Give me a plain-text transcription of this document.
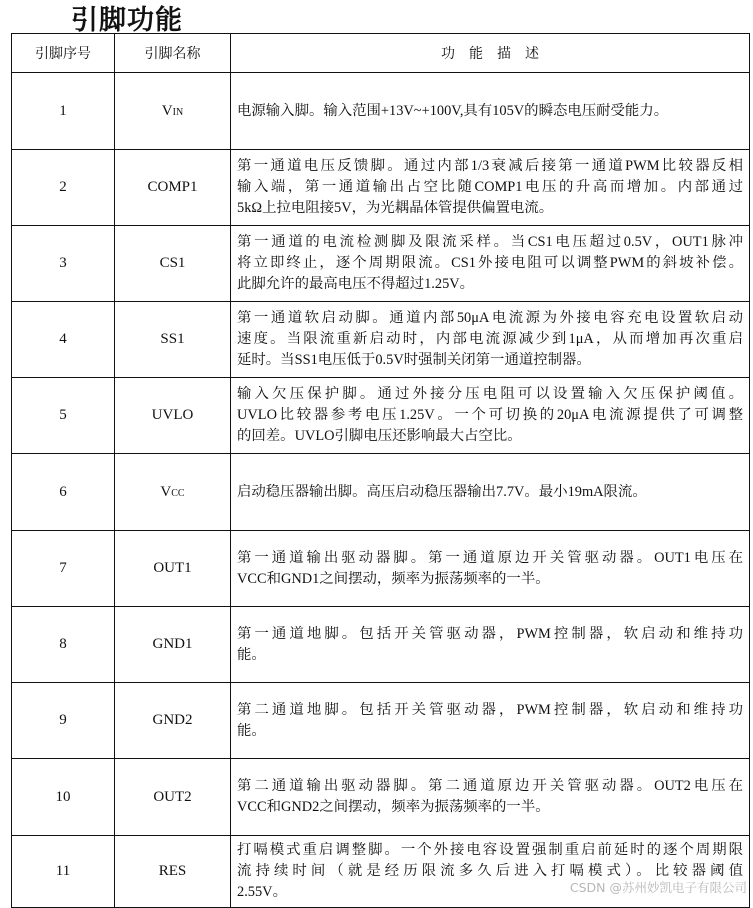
引脚功能
引脚序号	引脚名称	功　能　描　述
1	VIN	电源输入脚。输入范围+13V~+100V,具有105V的瞬态电压耐受能力。

2	COMP1	第一通道电压反馈脚。通过内部1/3衰减后接第一通道PWM比较器反相
输入端，第一通道输出占空比随COMP1电压的升高而增加。内部通过
5kΩ上拉电阻接5V，为光耦晶体管提供偏置电流。

3	CS1	第一通道的电流检测脚及限流采样。当CS1电压超过0.5V，OUT1脉冲
将立即终止，逐个周期限流。CS1外接电阻可以调整PWM的斜坡补偿。
此脚允许的最高电压不得超过1.25V。

4	SS1	第一通道软启动脚。通道内部50μA电流源为外接电容充电设置软启动
速度。当限流重新启动时，内部电流源减少到1μA，从而增加再次重启
延时。当SS1电压低于0.5V时强制关闭第一通道控制器。

5	UVLO	输入欠压保护脚。通过外接分压电阻可以设置输入欠压保护阈值。
UVLO比较器参考电压1.25V。一个可切换的20μA电流源提供了可调整
的回差。UVLO引脚电压还影响最大占空比。

6	VCC	启动稳压器输出脚。高压启动稳压器输出7.7V。最小19mA限流。

7	OUT1	第一通道输出驱动器脚。第一通道原边开关管驱动器。OUT1电压在
VCC和GND1之间摆动，频率为振荡频率的一半。

8	GND1	第一通道地脚。包括开关管驱动器，PWM控制器，软启动和维持功
能。

9	GND2	第二通道地脚。包括开关管驱动器，PWM控制器，软启动和维持功
能。

10	OUT2	第二通道输出驱动器脚。第二通道原边开关管驱动器。OUT2电压在
VCC和GND2之间摆动，频率为振荡频率的一半。

11	RES	打嗝模式重启调整脚。一个外接电容设置强制重启前延时的逐个周期限
流持续时间（就是经历限流多久后进入打嗝模式）。比较器阈值
2.55V。	CSDN @苏州妙凯电子有限公司
